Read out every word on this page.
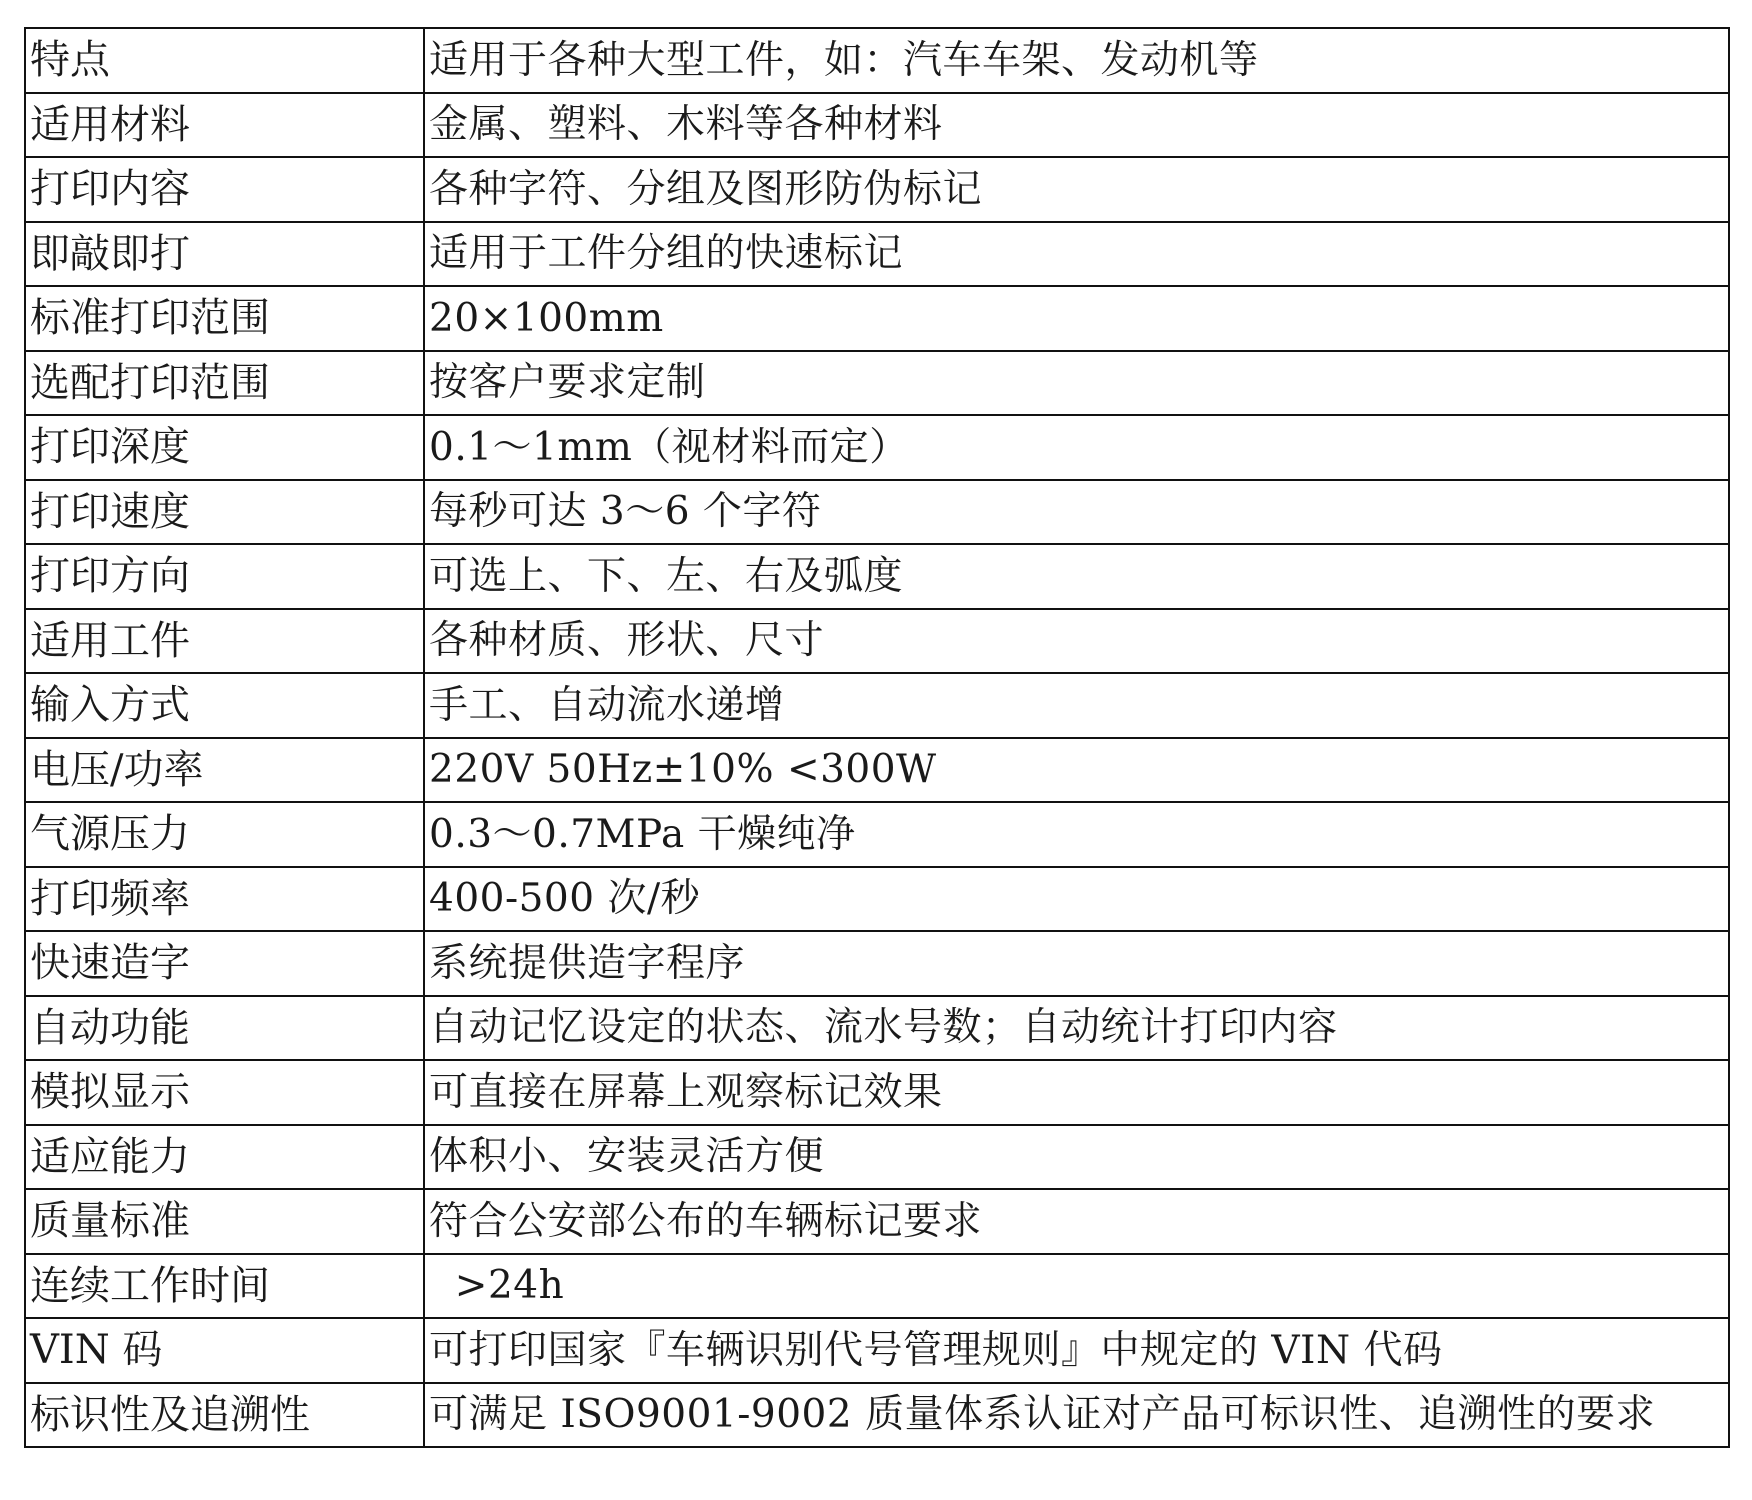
特点	适用于各种大型工件，如：汽车车架、发动机等
适用材料	金属、塑料、木料等各种材料
打印内容	各种字符、分组及图形防伪标记
即敲即打	适用于工件分组的快速标记
标准打印范围	20×100mm
选配打印范围	按客户要求定制
打印深度	0.1～1mm（视材料而定）
打印速度	每秒可达 3～6 个字符
打印方向	可选上、下、左、右及弧度
适用工件	各种材质、形状、尺寸
输入方式	手工、自动流水递增
电压/功率	220V 50Hz±10% <300W
气源压力	0.3～0.7MPa 干燥纯净
打印频率	400-500 次/秒
快速造字	系统提供造字程序
自动功能	自动记忆设定的状态、流水号数；自动统计打印内容
模拟显示	可直接在屏幕上观察标记效果
适应能力	体积小、安装灵活方便
质量标准	符合公安部公布的车辆标记要求
连续工作时间	>24h
VIN 码	可打印国家『车辆识别代号管理规则』中规定的 VIN 代码
标识性及追溯性	可满足 ISO9001-9002 质量体系认证对产品可标识性、追溯性的要求
